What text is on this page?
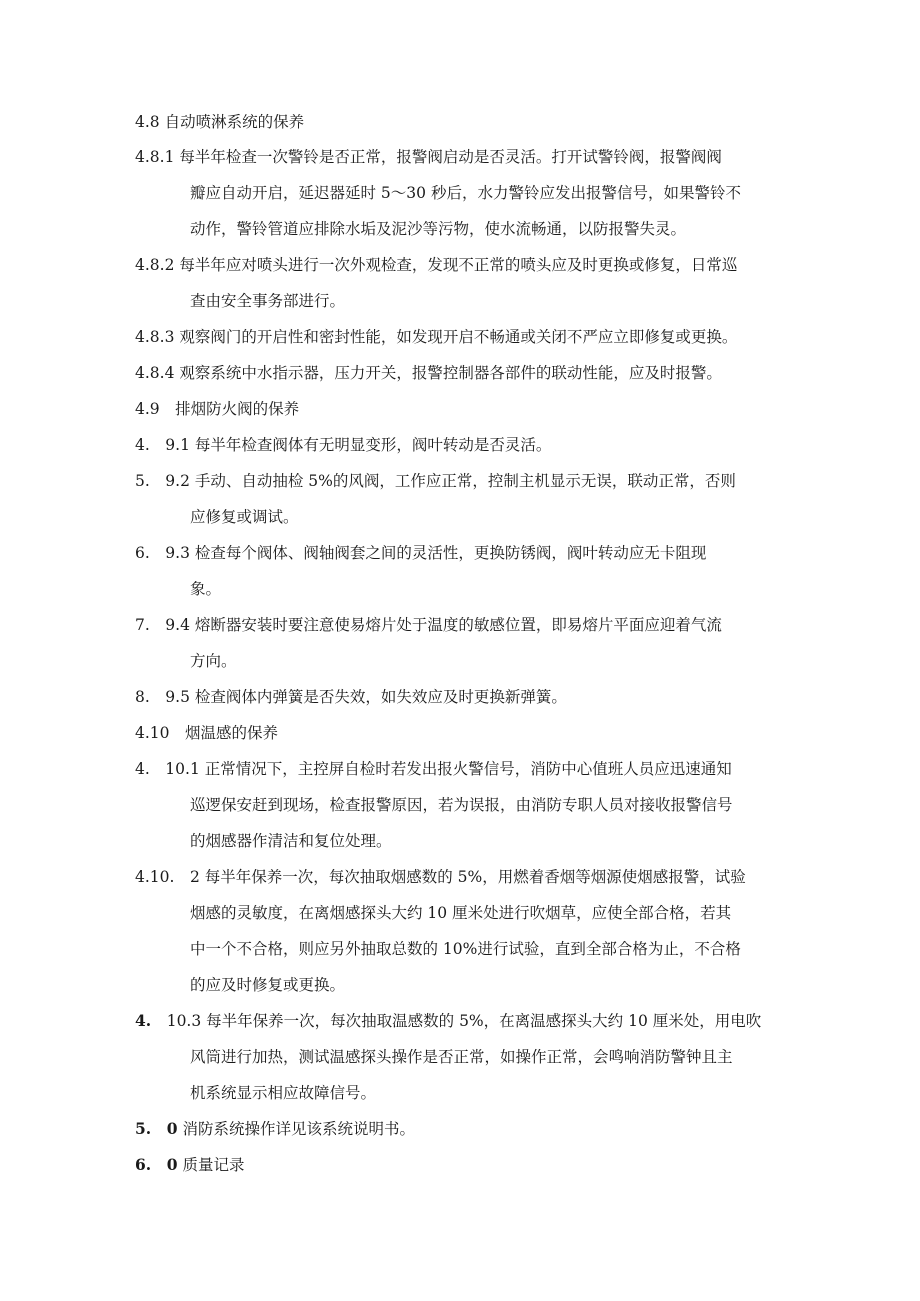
4.8 自动喷淋系统的保养
4.8.1 每半年检查一次警铃是否正常，报警阀启动是否灵活。打开试警铃阀，报警阀阀
瓣应自动开启，延迟器延时 5～30 秒后，水力警铃应发出报警信号，如果警铃不
动作，警铃管道应排除水垢及泥沙等污物，使水流畅通，以防报警失灵。
4.8.2 每半年应对喷头进行一次外观检查，发现不正常的喷头应及时更换或修复，日常巡
查由安全事务部进行。
4.8.3 观察阀门的开启性和密封性能，如发现开启不畅通或关闭不严应立即修复或更换。
4.8.4 观察系统中水指示器，压力开关，报警控制器各部件的联动性能，应及时报警。
4.9　排烟防火阀的保养
4.　9.1 每半年检查阀体有无明显变形，阀叶转动是否灵活。
5.　9.2 手动、自动抽检 5%的风阀，工作应正常，控制主机显示无误，联动正常，否则
应修复或调试。
6.　9.3 检查每个阀体、阀轴阀套之间的灵活性，更换防锈阀，阀叶转动应无卡阻现
象。
7.　9.4 熔断器安装时要注意使易熔片处于温度的敏感位置，即易熔片平面应迎着气流
方向。
8.　9.5 检查阀体内弹簧是否失效，如失效应及时更换新弹簧。
4.10　烟温感的保养
4.　10.1 正常情况下，主控屏自检时若发出报火警信号，消防中心值班人员应迅速通知
巡逻保安赶到现场，检查报警原因，若为误报，由消防专职人员对接收报警信号
的烟感器作清洁和复位处理。
4.10.　2 每半年保养一次，每次抽取烟感数的 5%，用燃着香烟等烟源使烟感报警，试验
烟感的灵敏度，在离烟感探头大约 10 厘米处进行吹烟草，应使全部合格，若其
中一个不合格，则应另外抽取总数的 10%进行试验，直到全部合格为止，不合格
的应及时修复或更换。
4.　 10.3 每半年保养一次，每次抽取温感数的 5%，在离温感探头大约 10 厘米处，用电吹
风筒进行加热，测试温感探头操作是否正常，如操作正常，会鸣响消防警钟且主
机系统显示相应故障信号。
5.　 0 消防系统操作详见该系统说明书。
6.　 0 质量记录
